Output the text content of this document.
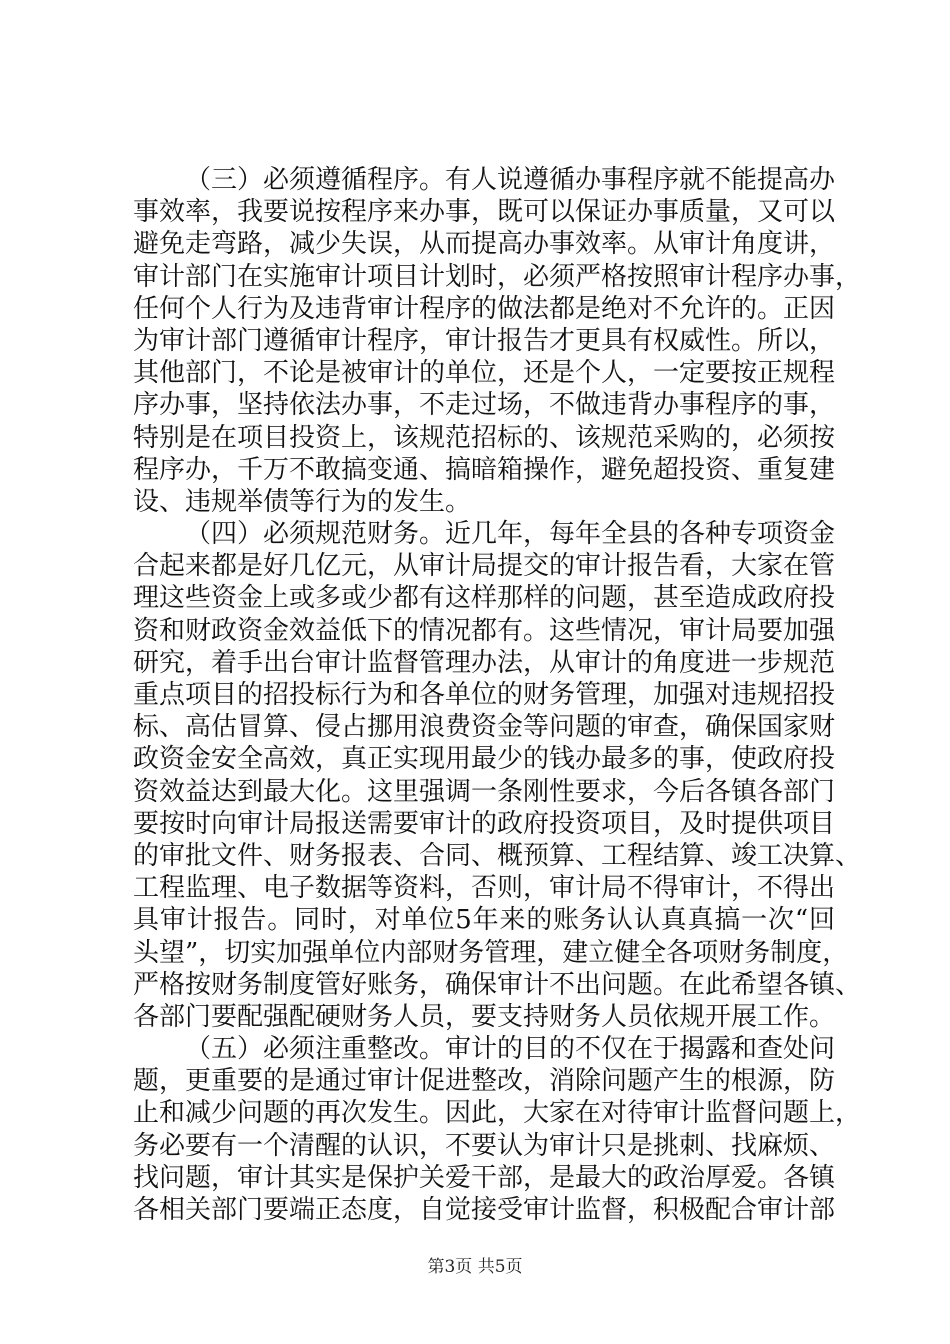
（三）必须遵循程序。有人说遵循办事程序就不能提高办
事效率，我要说按程序来办事，既可以保证办事质量，又可以
避免走弯路，减少失误，从而提高办事效率。从审计角度讲，
审计部门在实施审计项目计划时，必须严格按照审计程序办事，
任何个人行为及违背审计程序的做法都是绝对不允许的。正因
为审计部门遵循审计程序，审计报告才更具有权威性。所以，
其他部门，不论是被审计的单位，还是个人，一定要按正规程
序办事，坚持依法办事，不走过场，不做违背办事程序的事，
特别是在项目投资上，该规范招标的、该规范采购的，必须按
程序办，千万不敢搞变通、搞暗箱操作，避免超投资、重复建
设、违规举债等行为的发生。
（四）必须规范财务。近几年，每年全县的各种专项资金
合起来都是好几亿元，从审计局提交的审计报告看，大家在管
理这些资金上或多或少都有这样那样的问题，甚至造成政府投
资和财政资金效益低下的情况都有。这些情况，审计局要加强
研究，着手出台审计监督管理办法，从审计的角度进一步规范
重点项目的招投标行为和各单位的财务管理，加强对违规招投
标、高估冒算、侵占挪用浪费资金等问题的审查，确保国家财
政资金安全高效，真正实现用最少的钱办最多的事，使政府投
资效益达到最大化。这里强调一条刚性要求，今后各镇各部门
要按时向审计局报送需要审计的政府投资项目，及时提供项目
的审批文件、财务报表、合同、概预算、工程结算、竣工决算、
工程监理、电子数据等资料，否则，审计局不得审计，不得出
具审计报告。同时，对单位5年来的账务认认真真搞一次“回
头望”，切实加强单位内部财务管理，建立健全各项财务制度，
严格按财务制度管好账务，确保审计不出问题。在此希望各镇、
各部门要配强配硬财务人员，要支持财务人员依规开展工作。
（五）必须注重整改。审计的目的不仅在于揭露和查处问
题，更重要的是通过审计促进整改，消除问题产生的根源，防
止和减少问题的再次发生。因此，大家在对待审计监督问题上，
务必要有一个清醒的认识，不要认为审计只是挑刺、找麻烦、
找问题，审计其实是保护关爱干部，是最大的政治厚爱。各镇
各相关部门要端正态度，自觉接受审计监督，积极配合审计部
第3页 共5页
